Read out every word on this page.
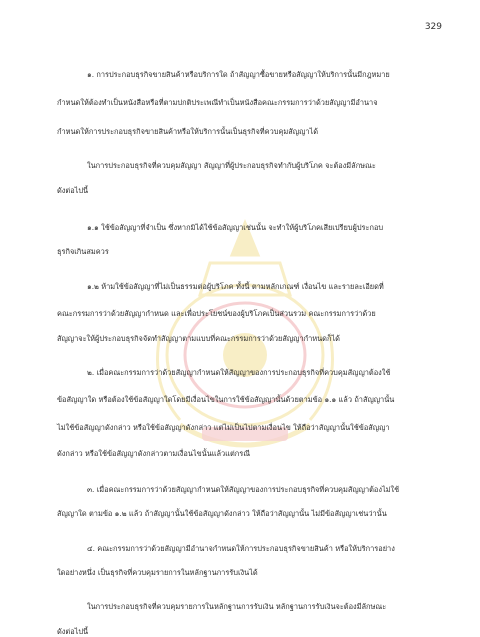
329
๑. การประกอบธุรกิจขายสินค้าหรือบริการใด ถ้าสัญญาซื้อขายหรือสัญญาให้บริการนั้นมีกฎหมาย
กำหนดให้ต้องทำเป็นหนังสือหรือที่ตามปกติประเพณีทำเป็นหนังสือคณะกรรมการว่าด้วยสัญญามีอำนาจ
กำหนดให้การประกอบธุรกิจขายสินค้าหรือให้บริการนั้นเป็นธุรกิจที่ควบคุมสัญญาได้
ในการประกอบธุรกิจที่ควบคุมสัญญา สัญญาที่ผู้ประกอบธุรกิจทำกับผู้บริโภค จะต้องมีลักษณะ
ดังต่อไปนี้
๑.๑ ใช้ข้อสัญญาที่จำเป็น ซึ่งหากมิได้ใช้ข้อสัญญาเช่นนั้น จะทำให้ผู้บริโภคเสียเปรียบผู้ประกอบ
ธุรกิจเกินสมควร
๑.๒ ห้ามใช้ข้อสัญญาที่ไม่เป็นธรรมต่อผู้บริโภค ทั้งนี้ ตามหลักเกณฑ์ เงื่อนไข และรายละเอียดที่
คณะกรรมการว่าด้วยสัญญากำหนด และเพื่อประโยชน์ของผู้บริโภคเป็นส่วนรวม คณะกรรมการว่าด้วย
สัญญาจะให้ผู้ประกอบธุรกิจจัดทำสัญญาตามแบบที่คณะกรรมการว่าด้วยสัญญากำหนดก็ได้
๒. เมื่อคณะกรรมการว่าด้วยสัญญากำหนดให้สัญญาของการประกอบธุรกิจที่ควบคุมสัญญาต้องใช้
ข้อสัญญาใด หรือต้องใช้ข้อสัญญาใดโดยมีเงื่อนไขในการใช้ข้อสัญญานั้นด้วยตามข้อ ๑.๑ แล้ว ถ้าสัญญานั้น
ไม่ใช้ข้อสัญญาดังกล่าว หรือใช้ข้อสัญญาดังกล่าว แต่ไม่เป็นไปตามเงื่อนไข ให้ถือว่าสัญญานั้นใช้ข้อสัญญา
ดังกล่าว หรือใช้ข้อสัญญาดังกล่าวตามเงื่อนไขนั้นแล้วแต่กรณี
๓. เมื่อคณะกรรมการว่าด้วยสัญญากำหนดให้สัญญาของการประกอบธุรกิจที่ควบคุมสัญญาต้องไม่ใช้
สัญญาใด ตามข้อ ๑.๒ แล้ว ถ้าสัญญานั้นใช้ข้อสัญญาดังกล่าว ให้ถือว่าสัญญานั้น ไม่มีข้อสัญญาเช่นว่านั้น
๔. คณะกรรมการว่าด้วยสัญญามีอำนาจกำหนดให้การประกอบธุรกิจขายสินค้า หรือให้บริการอย่าง
ใดอย่างหนึ่ง เป็นธุรกิจที่ควบคุมรายการในหลักฐานการรับเงินได้
ในการประกอบธุรกิจที่ควบคุมรายการในหลักฐานการรับเงิน หลักฐานการรับเงินจะต้องมีลักษณะ
ดังต่อไปนี้
